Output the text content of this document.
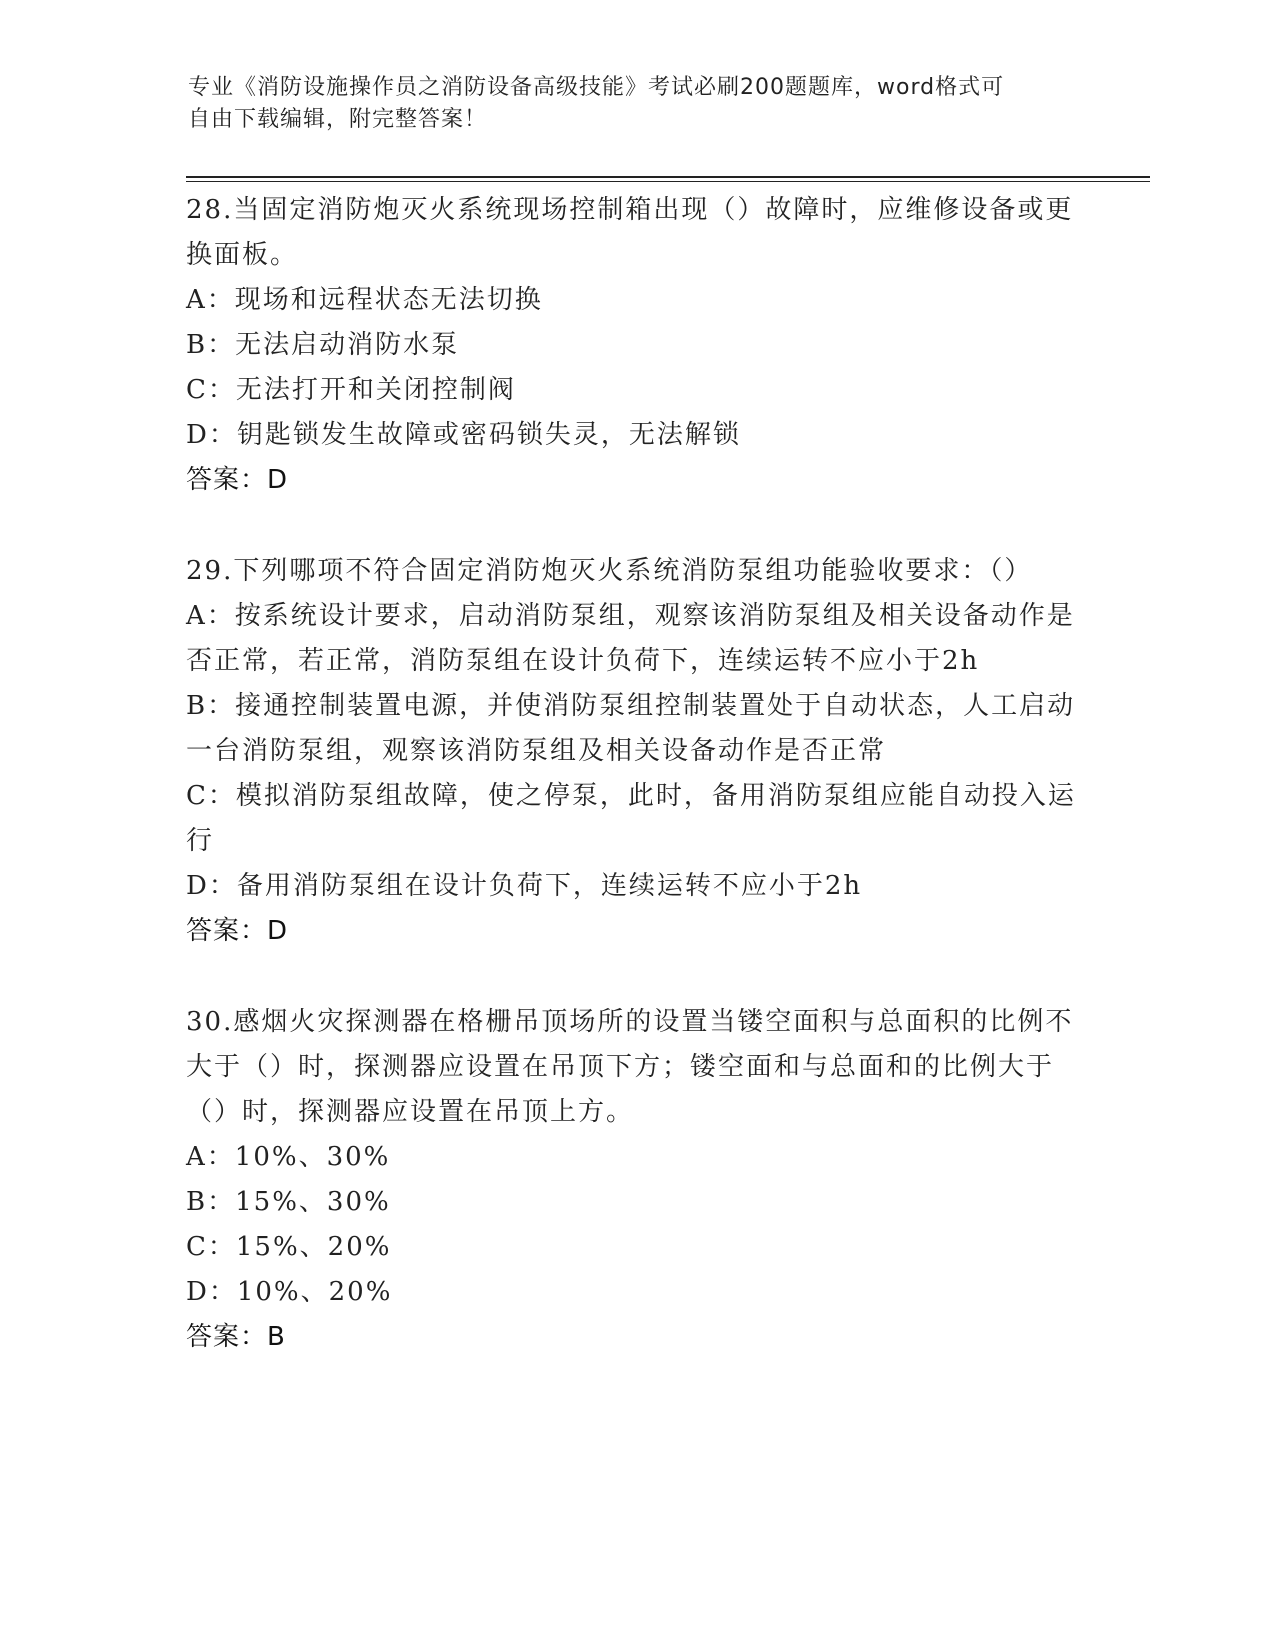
专业《消防设施操作员之消防设备高级技能》考试必刷200题题库，word格式可
自由下载编辑，附完整答案！

28.当固定消防炮灭火系统现场控制箱出现（）故障时，应维修设备或更换面板。

A：现场和远程状态无法切换

B：无法启动消防水泵

C：无法打开和关闭控制阀

D：钥匙锁发生故障或密码锁失灵，无法解锁

答案：D

29.下列哪项不符合固定消防炮灭火系统消防泵组功能验收要求：（）

A：按系统设计要求，启动消防泵组，观察该消防泵组及相关设备动作是否正常，若正常，消防泵组在设计负荷下，连续运转不应小于2h

B：接通控制装置电源，并使消防泵组控制装置处于自动状态，人工启动一台消防泵组，观察该消防泵组及相关设备动作是否正常

C：模拟消防泵组故障，使之停泵，此时，备用消防泵组应能自动投入运行

D：备用消防泵组在设计负荷下，连续运转不应小于2h

答案：D

30.感烟火灾探测器在格栅吊顶场所的设置当镂空面积与总面积的比例不大于（）时，探测器应设置在吊顶下方；镂空面和与总面和的比例大于（）时，探测器应设置在吊顶上方。

A：10%、30%

B：15%、30%

C：15%、20%

D：10%、20%

答案：B
